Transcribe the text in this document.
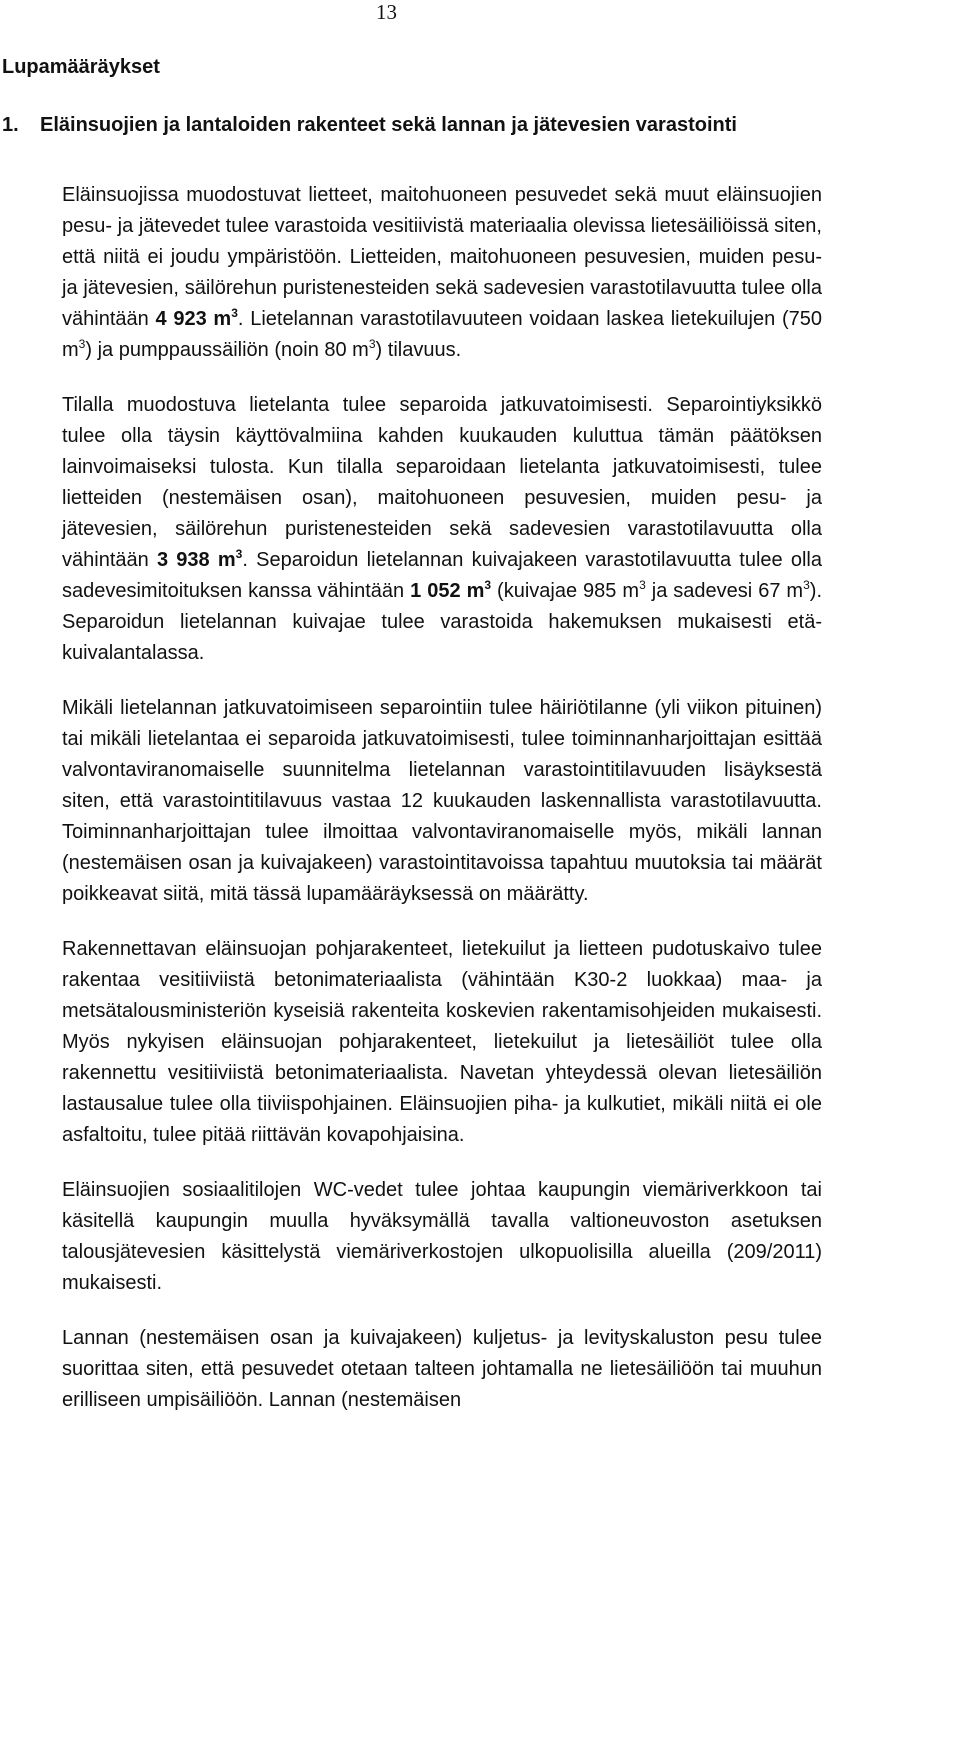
13
Lupamääräykset
1. Eläinsuojien ja lantaloiden rakenteet sekä lannan ja jätevesien varastointi

Eläinsuojissa muodostuvat lietteet, maitohuoneen pesuvedet sekä muut eläinsuojien pesu- ja jätevedet tulee varastoida vesitiivistä materiaalia olevissa lietesäiliöissä siten, että niitä ei joudu ympäristöön. Lietteiden, maitohuoneen pesuvesien, muiden pesu- ja jätevesien, säilörehun puristenesteiden sekä sadevesien varastotilavuutta tulee olla vähintään 4 923 $m^3$. Lietelannan varastotilavuuteen voidaan laskea lietekuilujen (750 $m^3$) ja pumppaussäiliön (noin 80 $m^3$) tilavuus.

Tilalla muodostuva lietelanta tulee separoida jatkuvatoimisesti. Separointiyksikkö tulee olla täysin käyttövalmiina kahden kuukauden kuluttua tämän päätöksen lainvoimaiseksi tulosta. Kun tilalla separoidaan lietelanta jatkuvatoimisesti, tulee lietteiden (nestemäisen osan), maitohuoneen pesuvesien, muiden pesu- ja jätevesien, säilörehun puristenesteiden sekä sadevesien varastotilavuutta olla vähintään 3 938 $m^3$. Separoidun lietelannan kuivajakeen varastotilavuutta tulee olla sadevesimitoituksen kanssa vähintään 1 052 $m^3$ (kuivajae 985 $m^3$ ja sadevesi 67 $m^3$). Separoidun lietelannan kuivajae tulee varastoida hakemuksen mukaisesti etäkuivalantalassa.

Mikäli lietelannan jatkuvatoimiseen separointiin tulee häiriötilanne (yli viikon pituinen) tai mikäli lietelantaa ei separoida jatkuvatoimisesti, tulee toiminnanharjoittajan esittää valvontaviranomaiselle suunnitelma lietelannan varastointitilavuuden lisäyksestä siten, että varastointitilavuus vastaa 12 kuukauden laskennallista varastotilavuutta. Toiminnanharjoittajan tulee ilmoittaa valvontaviranomaiselle myös, mikäli lannan (nestemäisen osan ja kuivajakeen) varastointitavoissa tapahtuu muutoksia tai määrät poikkeavat siitä, mitä tässä lupamääräyksessä on määrätty.

Rakennettavan eläinsuojan pohjarakenteet, lietekuilut ja lietteen pudotuskaivo tulee rakentaa vesitiiviistä betonimateriaalista (vähintään K30-2 luokkaa) maa- ja metsätalousministeriön kyseisiä rakenteita koskevien rakentamisohjeiden mukaisesti. Myös nykyisen eläinsuojan pohjarakenteet, lietekuilut ja lietesäiliöt tulee olla rakennettu vesitiiviistä betonimateriaalista. Navetan yhteydessä olevan lietesäiliön lastausalue tulee olla tiiviispohjainen. Eläinsuojien piha- ja kulkutiet, mikäli niitä ei ole asfaltoitu, tulee pitää riittävän kovapohjaisina.

Eläinsuojien sosiaalitilojen WC-vedet tulee johtaa kaupungin viemäriverkkoon tai käsitellä kaupungin muulla hyväksymällä tavalla valtioneuvoston asetuksen talousjätevesien käsittelystä viemäriverkostojen ulkopuolisilla alueilla (209/2011) mukaisesti.

Lannan (nestemäisen osan ja kuivajakeen) kuljetus- ja levityskaluston pesu tulee suorittaa siten, että pesuvedet otetaan talteen johtamalla ne lietesäiliöön tai muuhun erilliseen umpisäiliöön. Lannan (nestemäisen
